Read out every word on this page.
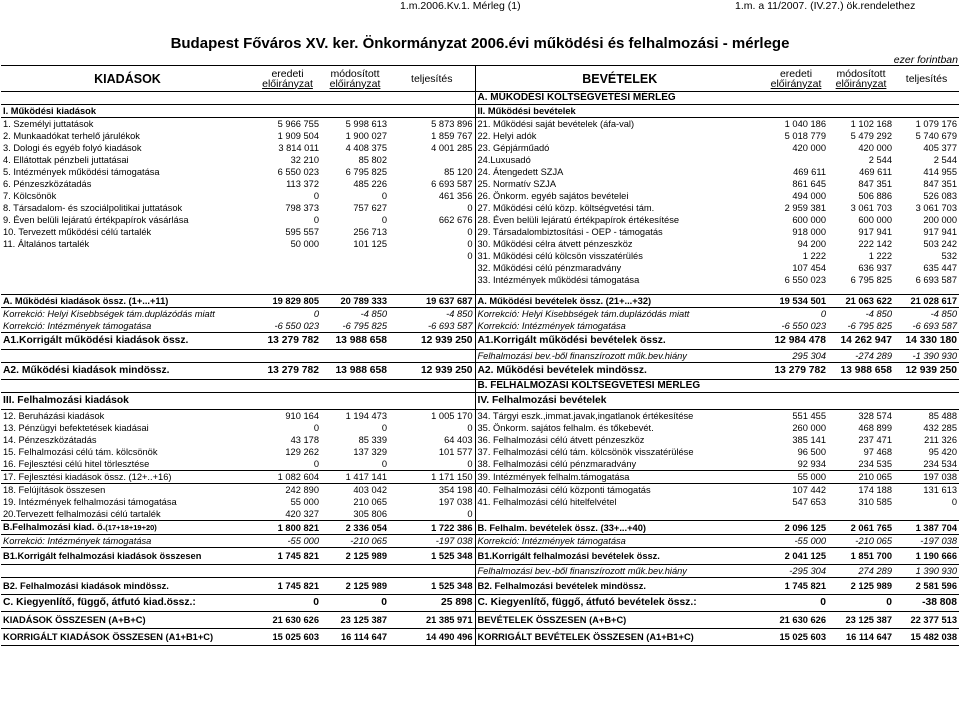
1.m.2006.Kv.1. Mérleg (1)	1.m. a 11/2007. (IV.27.) ök.rendelethez
Budapest Főváros XV. ker. Önkormányzat 2006.évi működési és felhalmozási - mérlege
ezer forintban
KIADÁSOK	eredeti
előirányzat	módosított
előirányzat	teljesítés	BEVÉTELEK	eredeti
előirányzat	módosított
előirányzat	teljesítés
				A. MŰKÖDÉSI KÖLTSÉGVETÉSI MÉRLEG			
I. Működési kiadások				II. Működési bevételek			
1. Személyi juttatások	5 966 755	5 998 613	5 873 896	21. Működési saját bevételek (áfa-val)	1 040 186	1 102 168	1 079 176
2. Munkaadókat terhelő járulékok	1 909 504	1 900 027	1 859 767	22. Helyi adók	5 018 779	5 479 292	5 740 679
3. Dologi és egyéb folyó kiadások	3 814 011	4 408 375	4 001 285	23. Gépjárműadó	420 000	420 000	405 377
4. Ellátottak pénzbeli juttatásai	32 210	85 802		24.Luxusadó		2 544	2 544
5. Intézmények működési támogatása	6 550 023	6 795 825	85 120	24. Átengedett SZJA	469 611	469 611	414 955
6. Pénzeszközátadás	113 372	485 226	6 693 587	25. Normatív SZJA	861 645	847 351	847 351
7. Kölcsönök	0	0	461 356	26. Önkorm. egyéb sajátos bevételei	494 000	506 886	526 083
8. Társadalom- és szociálpolitikai juttatások	798 373	757 627	0	27. Működési célú közp. költségvetési tám.	2 959 381	3 061 703	3 061 703
9. Éven belüli lejáratú értékpapírok vásárlása	0	0	662 676	28. Éven belüli lejáratú értékpapírok értékesítése	600 000	600 000	200 000
10. Tervezett működési célú tartalék	595 557	256 713	0	29. Társadalombiztosítási - OEP - támogatás	918 000	917 941	917 941
11. Általános tartalék	50 000	101 125	0	30. Működési célra átvett pénzeszköz	94 200	222 142	503 242
			0	31. Működési célú kölcsön visszatérülés	1 222	1 222	532
				32. Működési célú pénzmaradvány	107 454	636 937	635 447
				33. Intézmények működési támogatása	6 550 023	6 795 825	6 693 587

A. Működési kiadások össz. (1+...+11)	19 829 805	20 789 333	19 637 687	A. Működési bevételek össz. (21+...+32)	19 534 501	21 063 622	21 028 617
Korrekció: Helyi Kisebbségek tám.duplázódás miatt	0	-4 850	-4 850	Korrekció: Helyi Kisebbségek tám.duplázódás miatt	0	-4 850	-4 850
Korrekció: Intézmények támogatása	-6 550 023	-6 795 825	-6 693 587	Korrekció: Intézmények támogatása	-6 550 023	-6 795 825	-6 693 587
A1.Korrigált működési kiadások össz.	13 279 782	13 988 658	12 939 250	A1.Korrigált működési bevételek össz.	12 984 478	14 262 947	14 330 180
				Felhalmozási bev.-ből finanszírozott műk.bev.hiány	295 304	-274 289	-1 390 930
A2. Működési kiadások mindössz.	13 279 782	13 988 658	12 939 250	A2. Működési bevételek mindössz.	13 279 782	13 988 658	12 939 250
				B. FELHALMOZÁSI KÖLTSÉGVETÉSI MÉRLEG			
III. Felhalmozási kiadások				IV. Felhalmozási bevételek			
12. Beruházási kiadások	910 164	1 194 473	1 005 170	34. Tárgyi eszk.,immat.javak,ingatlanok értékesítése	551 455	328 574	85 488
13. Pénzügyi befektetések kiadásai	0	0	0	35. Önkorm. sajátos felhalm. és tőkebevét.	260 000	468 899	432 285
14. Pénzeszközátadás	43 178	85 339	64 403	36. Felhalmozási célú átvett pénzeszköz	385 141	237 471	211 326
15. Felhalmozási célú tám. kölcsönök	129 262	137 329	101 577	37. Felhalmozási célú tám. kölcsönök visszatérülése	96 500	97 468	95 420
16. Fejlesztési célú hitel törlesztése	0	0	0	38. Felhalmozási célú pénzmaradvány	92 934	234 535	234 534
17. Fejlesztési kiadások össz. (12+..+16)	1 082 604	1 417 141	1 171 150	39. Intézmények felhalm.támogatása	55 000	210 065	197 038
18. Felújítások összesen	242 890	403 042	354 198	40. Felhalmozási célú központi támogatás	107 442	174 188	131 613
19. Intézmények felhalmozási támogatása	55 000	210 065	197 038	41. Felhalmozási célú hitelfelvétel	547 653	310 585	0
20.Tervezett felhalmozási célú tartalék	420 327	305 806	0				
B.Felhalmozási kiad. ö.(17+18+19+20)	1 800 821	2 336 054	1 722 386	B. Felhalm. bevételek össz. (33+...+40)	2 096 125	2 061 765	1 387 704
Korrekció: Intézmények támogatása	-55 000	-210 065	-197 038	Korrekció: Intézmények támogatása	-55 000	-210 065	-197 038
B1.Korrigált felhalmozási kiadások összesen	1 745 821	2 125 989	1 525 348	B1.Korrigált felhalmozási bevételek össz.	2 041 125	1 851 700	1 190 666
				Felhalmozási bev.-ből finanszírozott műk.bev.hiány	-295 304	274 289	1 390 930
B2. Felhalmozási kiadások mindössz.	1 745 821	2 125 989	1 525 348	B2. Felhalmozási bevételek mindössz.	1 745 821	2 125 989	2 581 596
C. Kiegyenlítő, függő, átfutó kiad.össz.:	0	0	25 898	C. Kiegyenlítő, függő, átfutó bevételek össz.:	0	0	-38 808
KIADÁSOK ÖSSZESEN (A+B+C)	21 630 626	23 125 387	21 385 971	BEVÉTELEK ÖSSZESEN (A+B+C)	21 630 626	23 125 387	22 377 513
KORRIGÁLT KIADÁSOK ÖSSZESEN (A1+B1+C)	15 025 603	16 114 647	14 490 496	KORRIGÁLT BEVÉTELEK ÖSSZESEN (A1+B1+C)	15 025 603	16 114 647	15 482 038
